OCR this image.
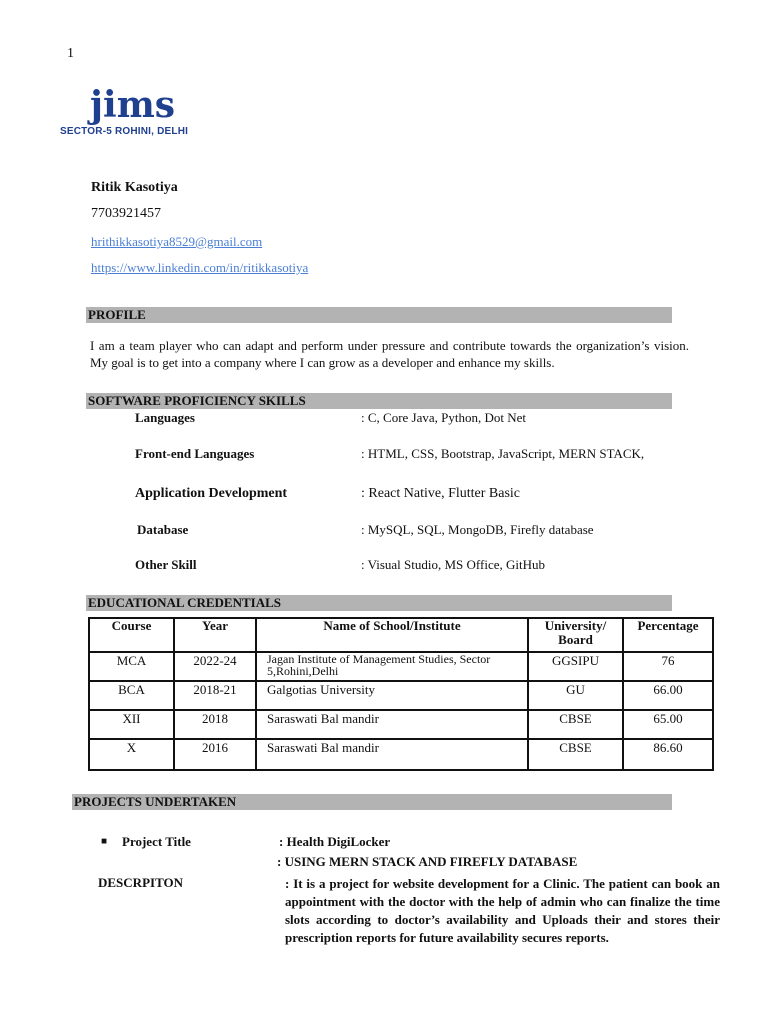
1
jims
SECTOR-5 ROHINI, DELHI
Ritik Kasotiya
7703921457
hrithikkasotiya8529@gmail.com
https://www.linkedin.com/in/ritikkasotiya
PROFILE
I am a team player who can adapt and perform under pressure and contribute towards the organization’s vision. My goal is to get into a company where I can grow as a developer and enhance my skills.
SOFTWARE PROFICIENCY SKILLS
Languages	: C, Core Java, Python, Dot Net
Front-end Languages	: HTML, CSS, Bootstrap, JavaScript, MERN STACK,
Application Development	: React Native, Flutter Basic
Database	: MySQL, SQL, MongoDB, Firefly database
Other Skill	: Visual Studio, MS Office, GitHub
EDUCATIONAL CREDENTIALS
Course	Year	Name of School/Institute	University/ Board	Percentage
MCA	2022-24	Jagan Institute of Management Studies, Sector 5,Rohini,Delhi	GGSIPU	76
BCA	2018-21	Galgotias University	GU	66.00
XII	2018	Saraswati Bal mandir	CBSE	65.00
X	2016	Saraswati Bal mandir	CBSE	86.60
PROJECTS UNDERTAKEN
■ Project Title	: Health DigiLocker
: USING MERN STACK AND FIREFLY DATABASE
DESCRPITON	: It is a project for website development for a Clinic. The patient can book an appointment with the doctor with the help of admin who can finalize the time slots according to doctor’s availability and Uploads their and stores their prescription reports for future availability secures reports.
